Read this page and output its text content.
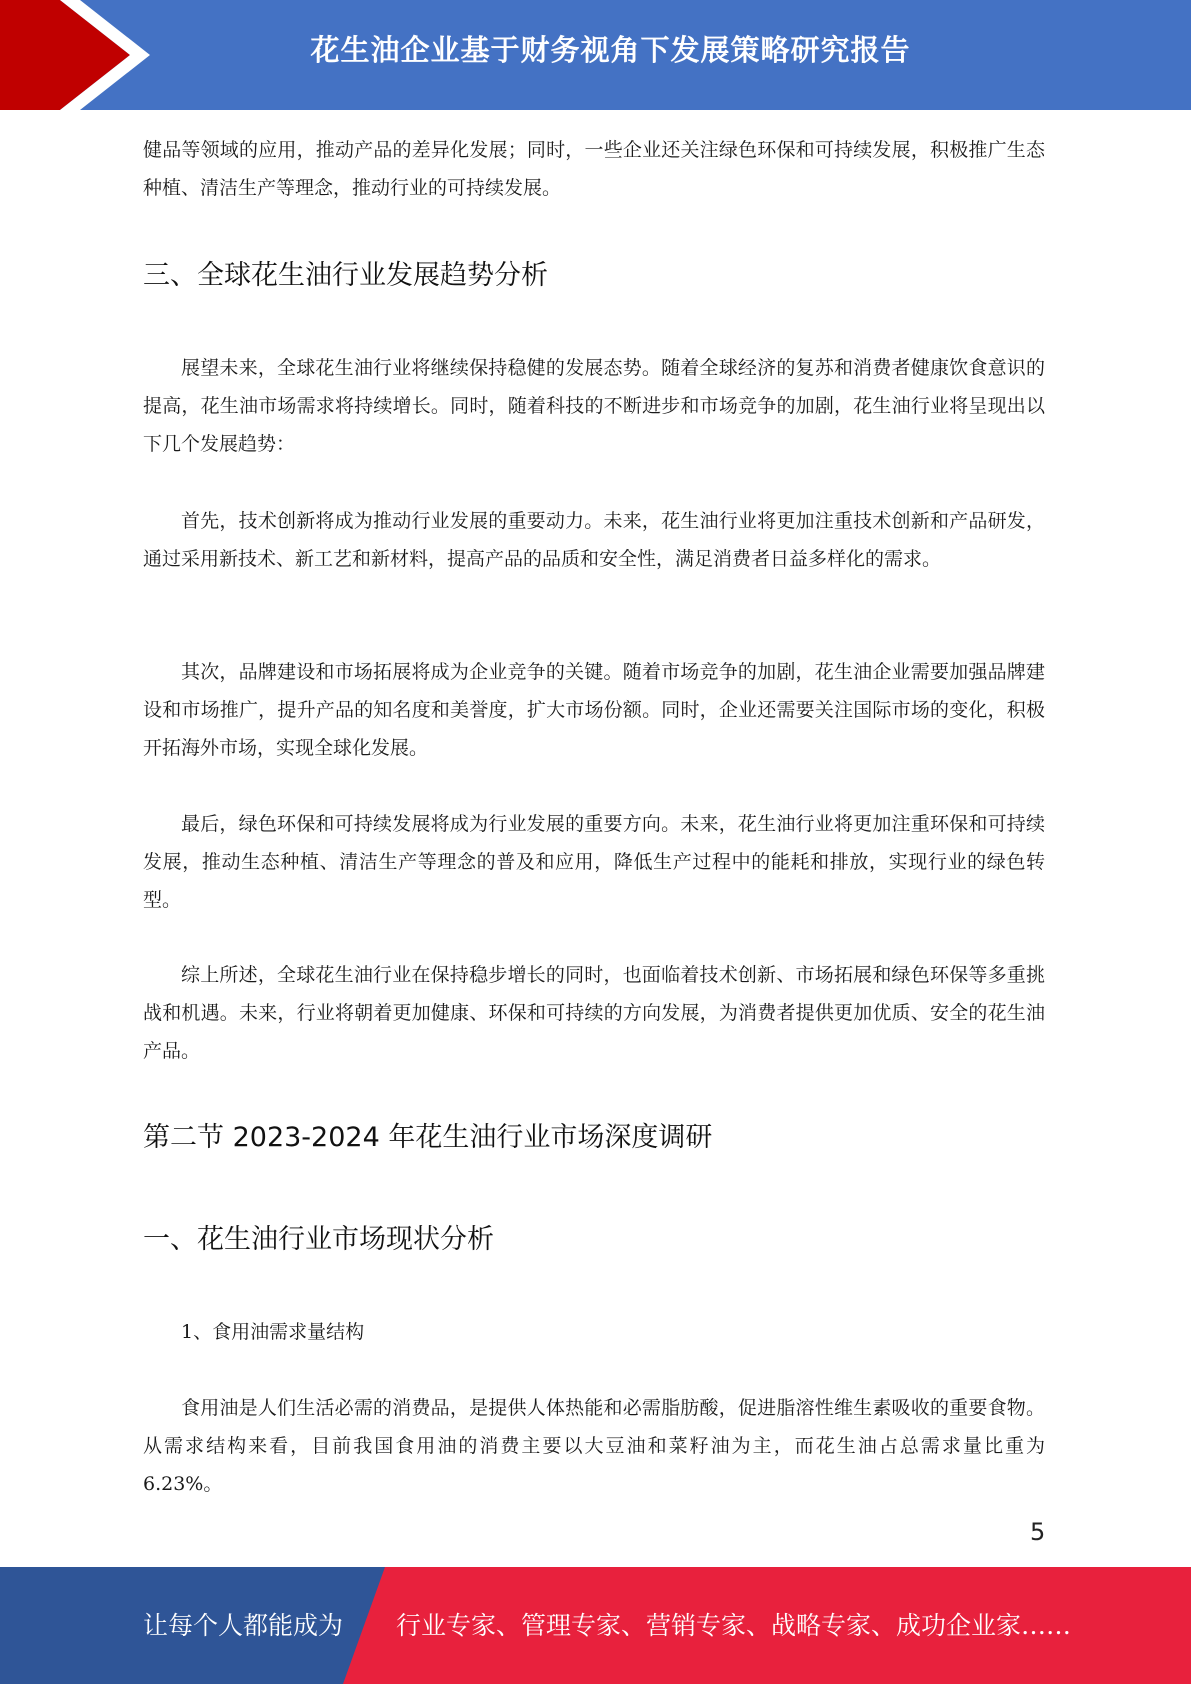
花生油企业基于财务视角下发展策略研究报告

健品等领域的应用，推动产品的差异化发展；同时，一些企业还关注绿色环保和可持续发展，积极推广生态种植、清洁生产等理念，推动行业的可持续发展。

三、全球花生油行业发展趋势分析

展望未来，全球花生油行业将继续保持稳健的发展态势。随着全球经济的复苏和消费者健康饮食意识的提高，花生油市场需求将持续增长。同时，随着科技的不断进步和市场竞争的加剧，花生油行业将呈现出以下几个发展趋势：

首先，技术创新将成为推动行业发展的重要动力。未来，花生油行业将更加注重技术创新和产品研发，通过采用新技术、新工艺和新材料，提高产品的品质和安全性，满足消费者日益多样化的需求。

其次，品牌建设和市场拓展将成为企业竞争的关键。随着市场竞争的加剧，花生油企业需要加强品牌建设和市场推广，提升产品的知名度和美誉度，扩大市场份额。同时，企业还需要关注国际市场的变化，积极开拓海外市场，实现全球化发展。

最后，绿色环保和可持续发展将成为行业发展的重要方向。未来，花生油行业将更加注重环保和可持续发展，推动生态种植、清洁生产等理念的普及和应用，降低生产过程中的能耗和排放，实现行业的绿色转型。

综上所述，全球花生油行业在保持稳步增长的同时，也面临着技术创新、市场拓展和绿色环保等多重挑战和机遇。未来，行业将朝着更加健康、环保和可持续的方向发展，为消费者提供更加优质、安全的花生油产品。

第二节 2023-2024 年花生油行业市场深度调研
一、花生油行业市场现状分析

1、食用油需求量结构

食用油是人们生活必需的消费品，是提供人体热能和必需脂肪酸，促进脂溶性维生素吸收的重要食物。从需求结构来看，目前我国食用油的消费主要以大豆油和菜籽油为主，而花生油占总需求量比重为 6.23%。

5
让每个人都能成为 行业专家、管理专家、营销专家、战略专家、成功企业家……
